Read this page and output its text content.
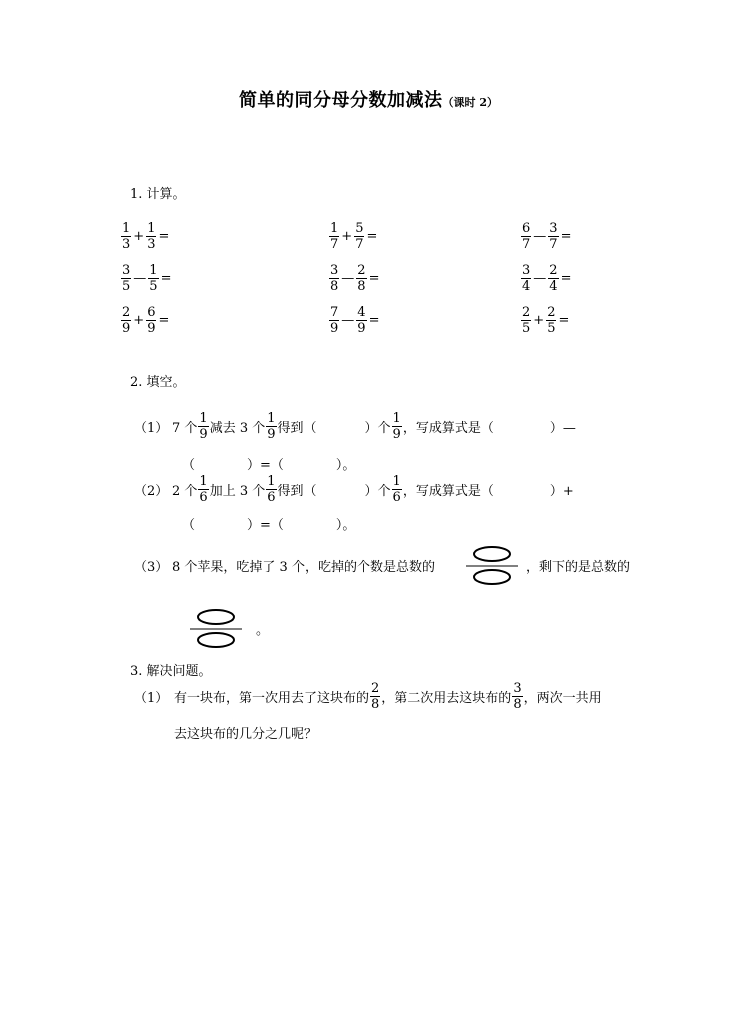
简单的同分母分数加减法（课时 2）
1. 计算。
$\frac{1}{3} + \frac{1}{3}$ =	$\frac{1}{7} + \frac{5}{7}$ =	$\frac{6}{7}$ — $\frac{3}{7}$ =
$\frac{3}{5}$ — $\frac{1}{5}$ =	$\frac{3}{8}$ — $\frac{2}{8}$ =	$\frac{3}{4}$ — $\frac{2}{4}$ =
$\frac{2}{9} + \frac{6}{9}$ =	$\frac{7}{9}$ — $\frac{4}{9}$ =	$\frac{2}{5} + \frac{2}{5}$ =
2. 填空。
（1） 7 个 $\frac{1}{9}$ 减去 3 个 $\frac{1}{9}$ 得到（	）个 $\frac{1}{9}$ ，写成算式是（	）—
（　　　　）=（　　　　）。
（2） 2 个 $\frac{1}{6}$ 加上 3 个 $\frac{1}{6}$ 得到（	）个 $\frac{1}{6}$ ，写成算式是（	）+
（　　　　）=（　　　　）。
（3） 8 个苹果，吃掉了 3 个，吃掉的个数是总数的	，剩下的是总数的
。
3. 解决问题。
（1） 有一块布，第一次用去了这块布的 $\frac{2}{8}$ ，第二次用去这块布的 $\frac{3}{8}$ ，两次一共用
去这块布的几分之几呢？
